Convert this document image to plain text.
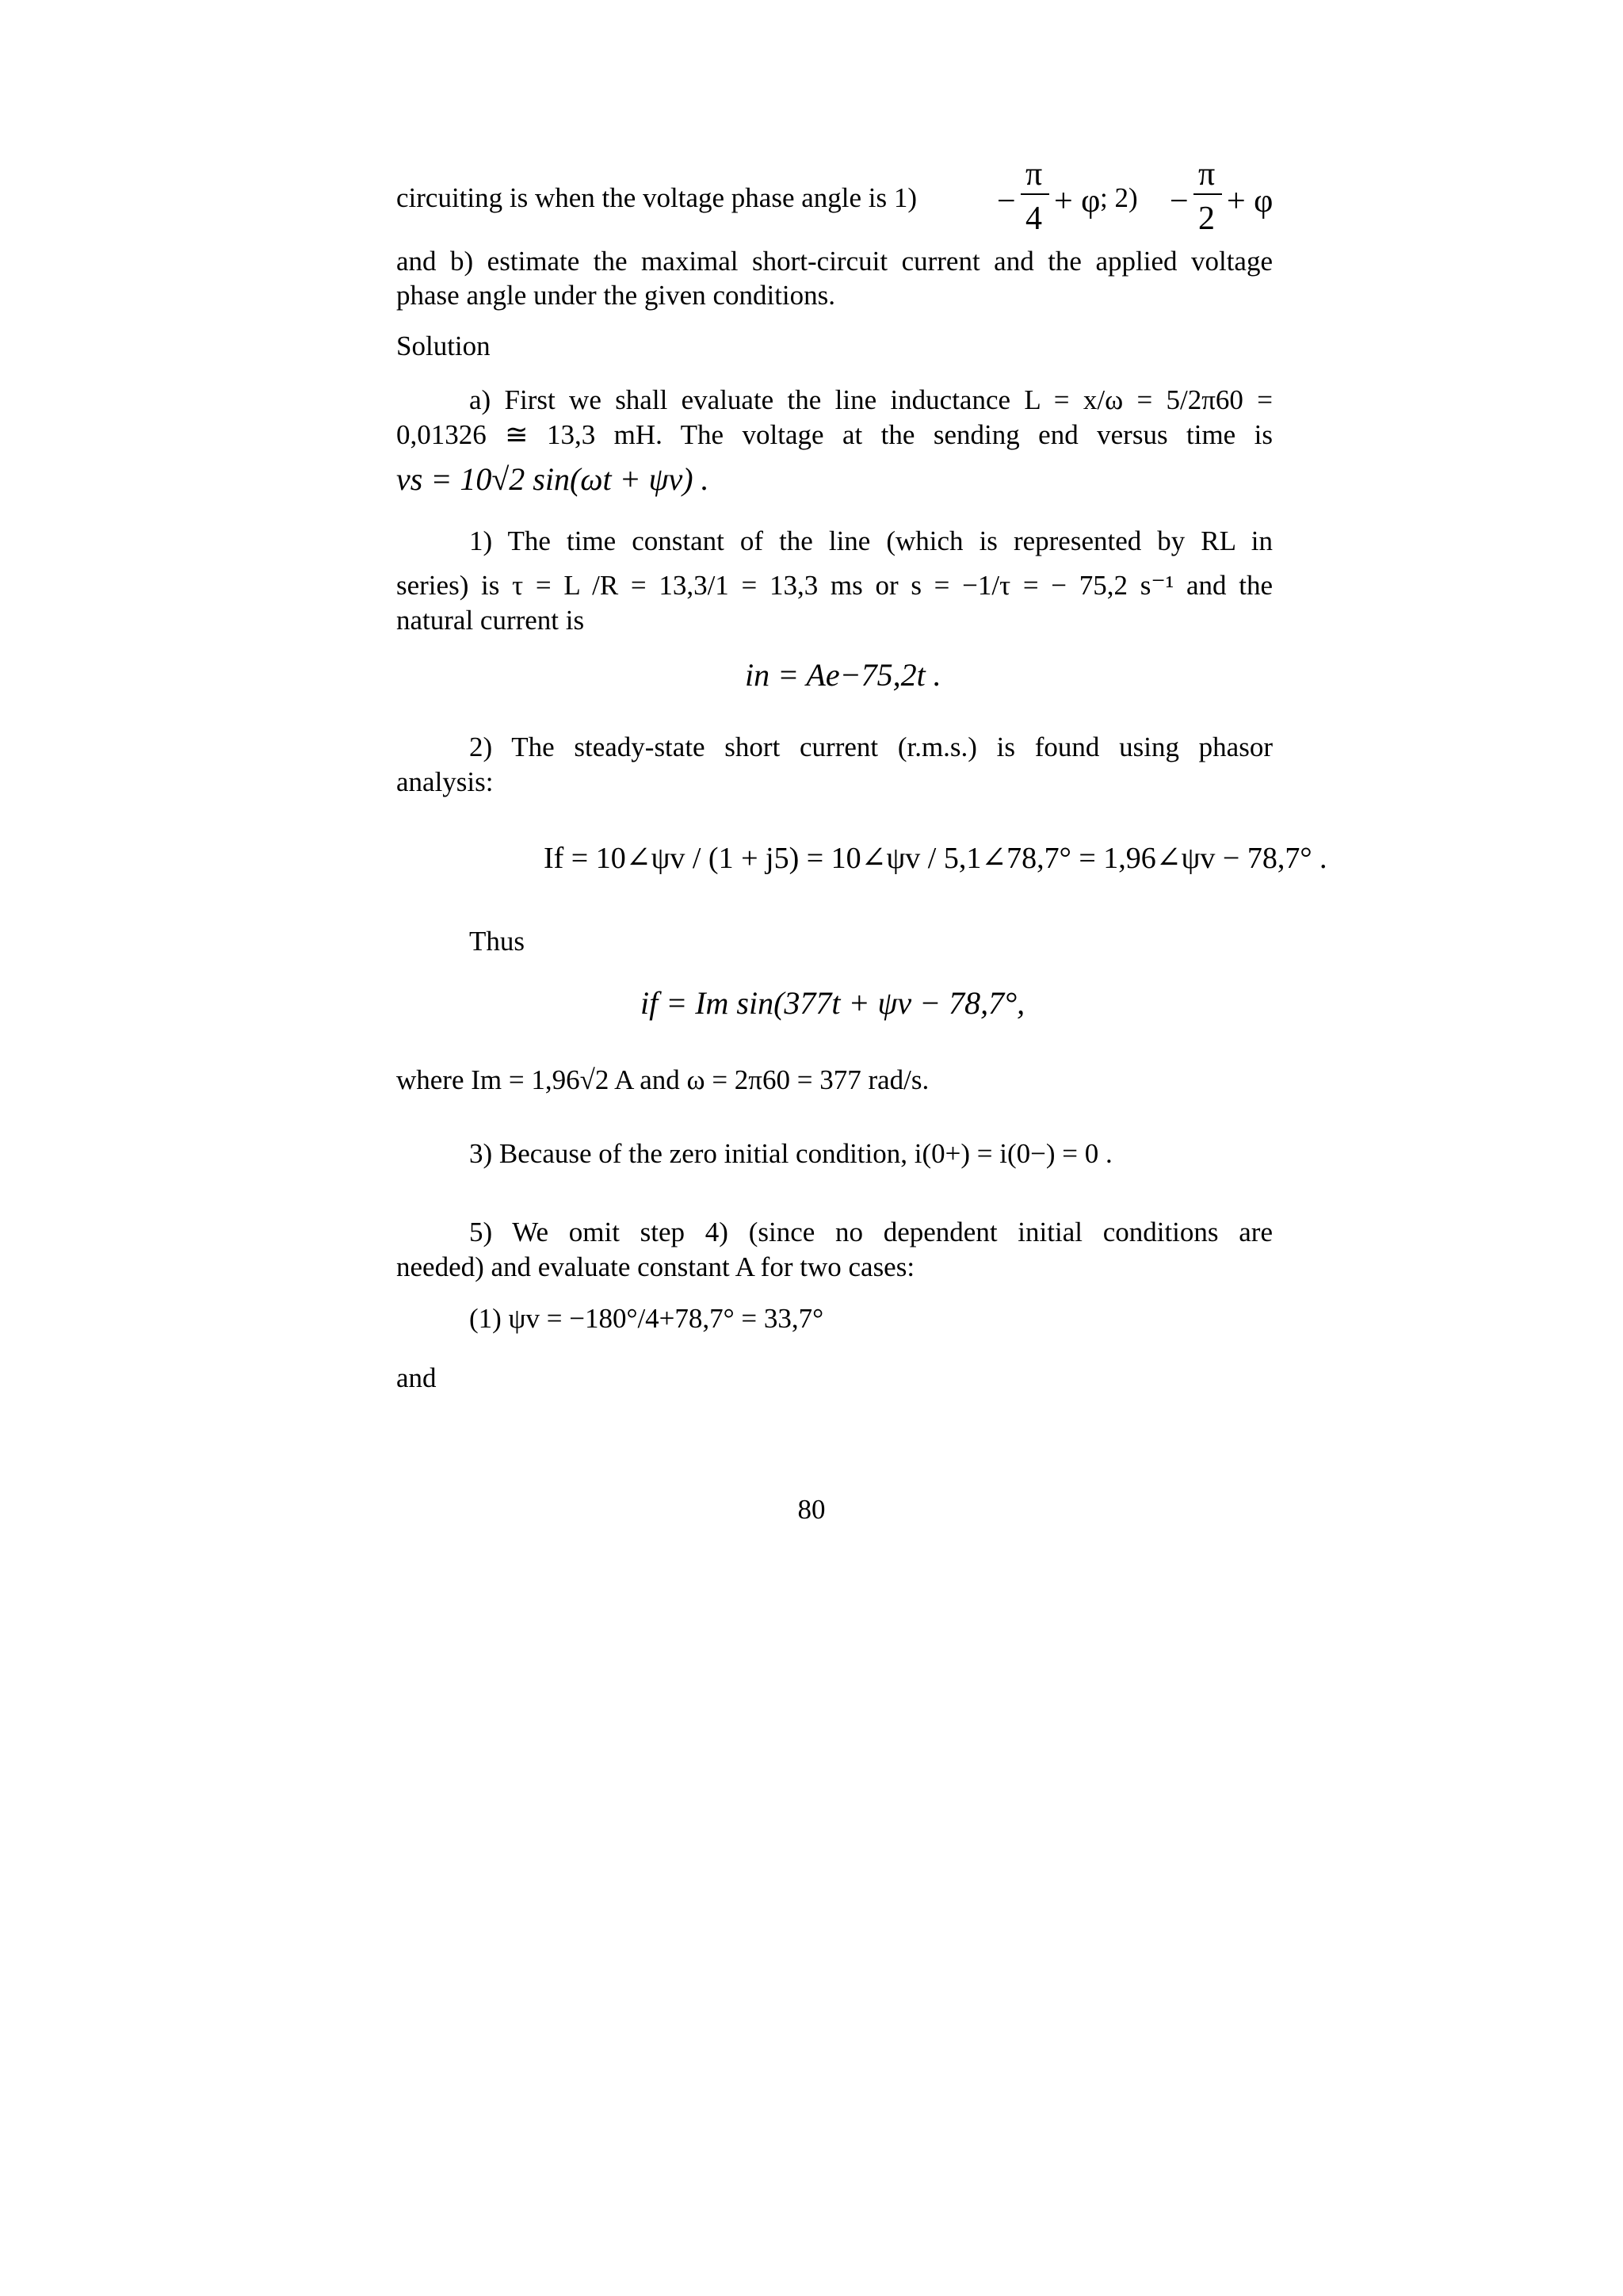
circuiting is when the voltage phase angle is 1) −
π
4 + φ ; 2) −
π
2 + φ
and b) estimate the maximal short-circuit current and the applied voltage
phase angle under the given conditions.
Solution
a) First we shall evaluate the line inductance L = x/ω = 5/2π60 =
0,01326 ≅ 13,3 mH. The voltage at the sending end versus time is
vs = 10√2 sin(ωt + ψv) .
1) The time constant of the line (which is represented by RL in
series) is τ = L /R = 13,3/1 = 13,3 ms or s = −1/τ = − 75,2 s⁻¹ and the
natural current is
in = Ae−75,2t .
2) The steady-state short current (r.m.s.) is found using phasor
analysis:
If = 10∠ψv / (1 + j5) = 10∠ψv / 5,1∠78,7° = 1,96∠ψv − 78,7° .
Thus
if = Im sin(377t + ψv − 78,7°,
where Im = 1,96√2 A and ω = 2π60 = 377 rad/s.
3) Because of the zero initial condition, i(0+) = i(0−) = 0 .
5) We omit step 4) (since no dependent initial conditions are
needed) and evaluate constant A for two cases:
(1) ψv = −180°/4+78,7° = 33,7°
and
80
